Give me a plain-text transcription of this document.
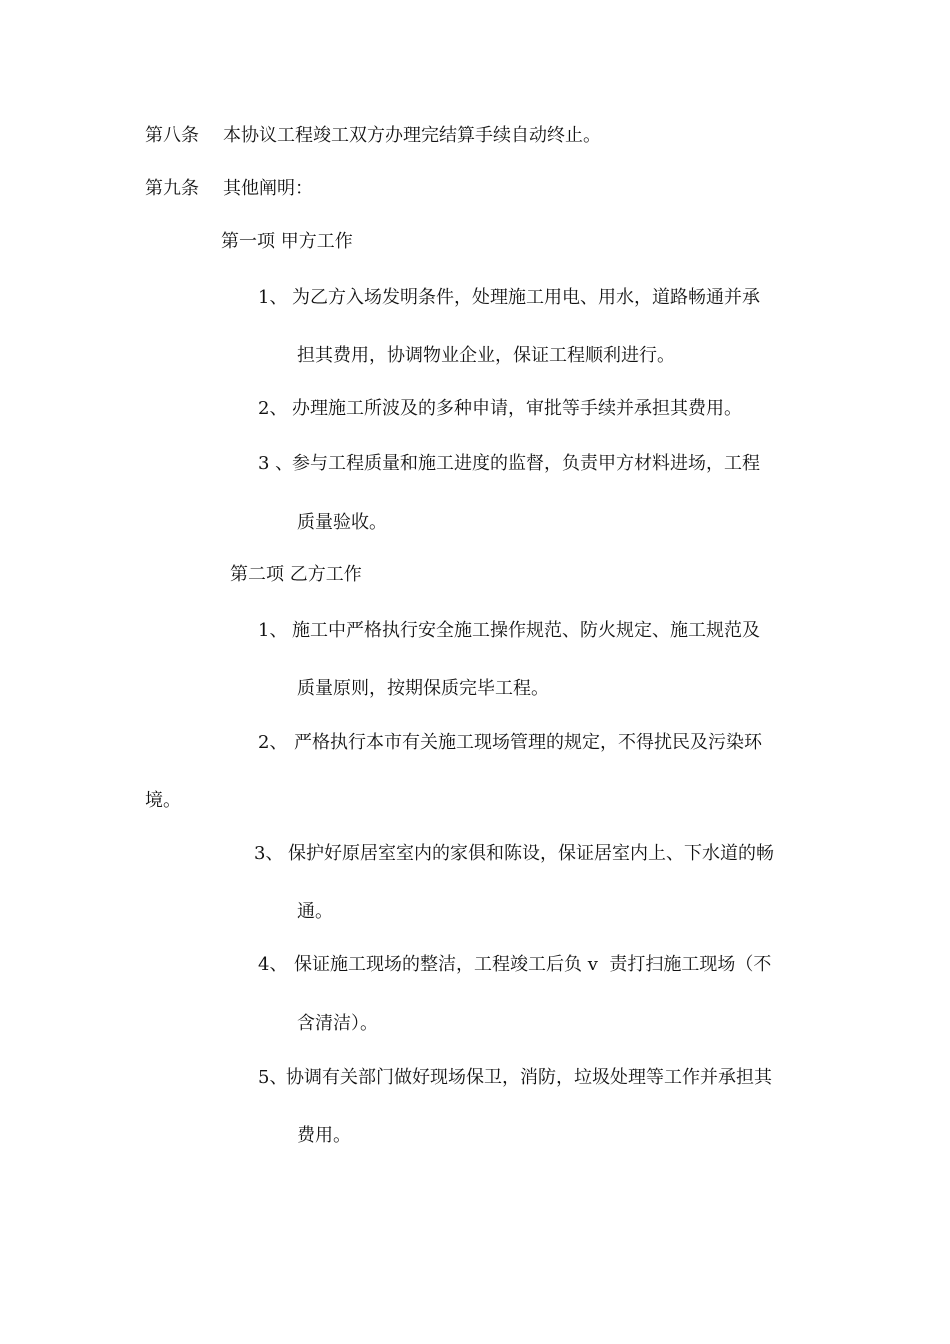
第八条 本协议工程竣工双方办理完结算手续自动终止。
第九条 其他阐明：
第一项 甲方工作
1、 为乙方入场发明条件，处理施工用电、用水，道路畅通并承
担其费用，协调物业企业，保证工程顺利进行。
2、 办理施工所波及的多种申请，审批等手续并承担其费用。
3 、参与工程质量和施工进度的监督，负责甲方材料进场，工程
质量验收。
第二项 乙方工作
1、 施工中严格执行安全施工操作规范、防火规定、施工规范及
质量原则，按期保质完毕工程。
2、 严格执行本市有关施工现场管理的规定，不得扰民及污染环
境。
3、 保护好原居室室内的家俱和陈设，保证居室内上、下水道的畅
通。
4、 保证施工现场的整洁，工程竣工后负 v  责打扫施工现场（不
含清洁）。
5、协调有关部门做好现场保卫，消防，垃圾处理等工作并承担其
费用。
